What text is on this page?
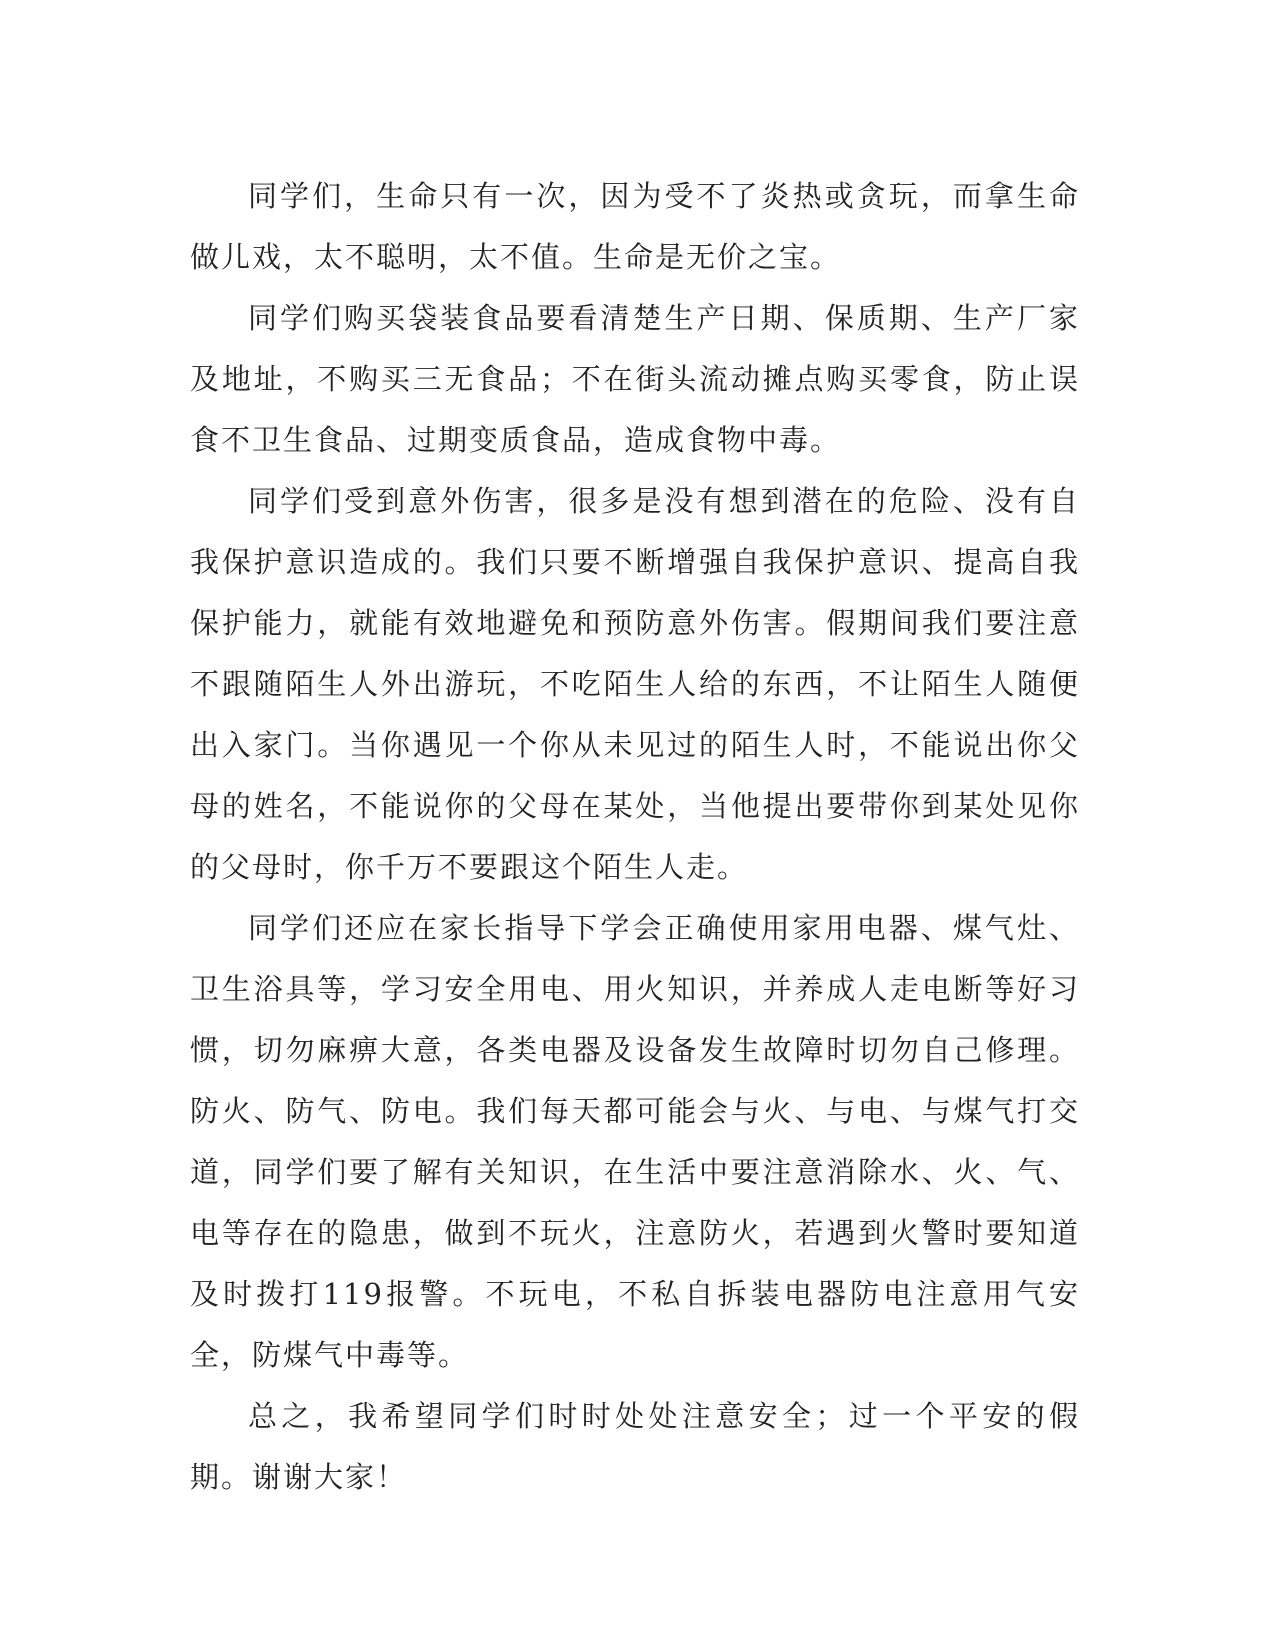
同学们，生命只有一次，因为受不了炎热或贪玩，而拿生命做儿戏，太不聪明，太不值。生命是无价之宝。

同学们购买袋装食品要看清楚生产日期、保质期、生产厂家及地址，不购买三无食品；不在街头流动摊点购买零食，防止误食不卫生食品、过期变质食品，造成食物中毒。

同学们受到意外伤害，很多是没有想到潜在的危险、没有自我保护意识造成的。我们只要不断增强自我保护意识、提高自我保护能力，就能有效地避免和预防意外伤害。假期间我们要注意不跟随陌生人外出游玩，不吃陌生人给的东西，不让陌生人随便出入家门。当你遇见一个你从未见过的陌生人时，不能说出你父母的姓名，不能说你的父母在某处，当他提出要带你到某处见你的父母时，你千万不要跟这个陌生人走。

同学们还应在家长指导下学会正确使用家用电器、煤气灶、卫生浴具等，学习安全用电、用火知识，并养成人走电断等好习惯，切勿麻痹大意，各类电器及设备发生故障时切勿自己修理。防火、防气、防电。我们每天都可能会与火、与电、与煤气打交道，同学们要了解有关知识，在生活中要注意消除水、火、气、电等存在的隐患，做到不玩火，注意防火，若遇到火警时要知道及时拨打119报警。不玩电，不私自拆装电器防电注意用气安全，防煤气中毒等。

总之，我希望同学们时时处处注意安全；过一个平安的假期。谢谢大家！
